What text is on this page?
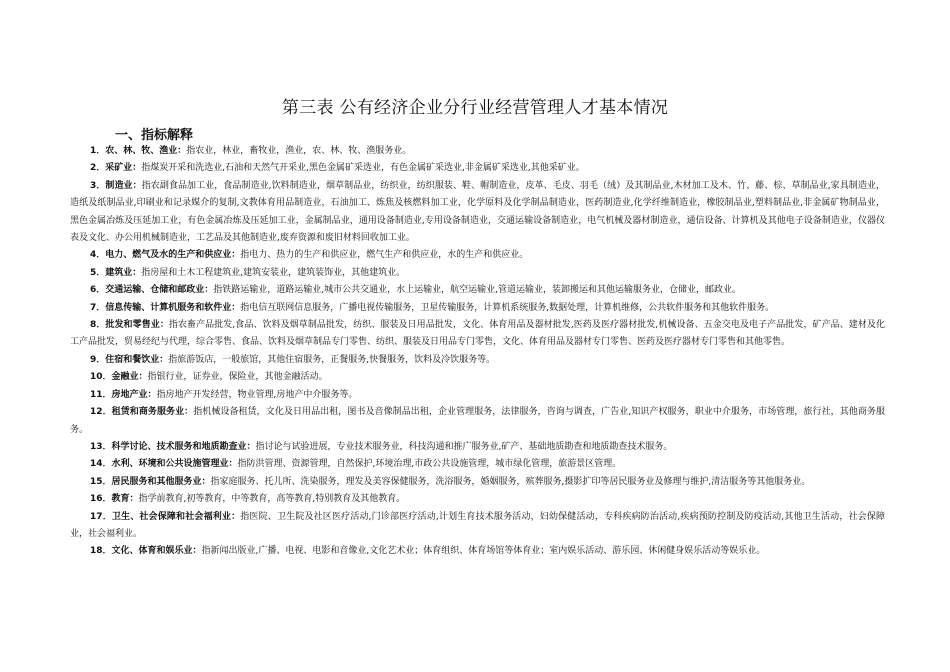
第三表 公有经济企业分行业经营管理人才基本情况
一、指标解释

1．农、林、牧、渔业：指农业，林业，畜牧业，渔业，农、林、牧、渔服务业。

2．采矿业：指煤炭开采和洗选业,石油和天然气开采业,黑色金属矿采选业，有色金属矿采选业,非金属矿采选业,其他采矿业。

3．制造业：指农副食品加工业，食品制造业,饮料制造业，烟草制品业，纺织业，纺织服装、鞋、帽制造业，皮革、毛皮、羽毛（绒）及其制品业,木材加工及木、竹、藤、棕、草制品业,家具制造业，造纸及纸制品业,印刷业和记录媒介的复制,文教体育用品制造业，石油加工、炼焦及核燃料加工业，化学原料及化学制品制造业，医药制造业,化学纤维制造业，橡胶制品业,塑料制品业,非金属矿物制品业，黑色金属冶炼及压延加工业，有色金属冶炼及压延加工业，金属制品业，通用设备制造业,专用设备制造业，交通运输设备制造业，电气机械及器材制造业，通信设备、计算机及其他电子设备制造业，仪器仪表及文化、办公用机械制造业，工艺品及其他制造业,废弃资源和废旧材料回收加工业。

4．电力、燃气及水的生产和供应业：指电力、热力的生产和供应业，燃气生产和供应业，水的生产和供应业。

5．建筑业：指房屋和土木工程建筑业,建筑安装业，建筑装饰业，其他建筑业。

6．交通运输、仓储和邮政业：指铁路运输业，道路运输业,城市公共交通业，水上运输业，航空运输业,管道运输业，装卸搬运和其他运输服务业，仓储业，邮政业。

7．信息传输、计算机服务和软件业：指电信互联网信息服务，广播电视传输服务，卫星传输服务，计算机系统服务,数据处理，计算机维修，公共软件服务和其他软件服务。

8．批发和零售业：指农畜产品批发,食品、饮料及烟草制品批发，纺织、服装及日用品批发，文化、体育用品及器材批发,医药及医疗器材批发,机械设备、五金交电及电子产品批发，矿产品、建材及化工产品批发，贸易经纪与代理，综合零售、食品、饮料及烟草制品专门零售、纺织、服装及日用品专门零售，文化、体育用品及器材专门零售、医药及医疗器材专门零售和其他零售。

9．住宿和餐饮业：指旅游饭店，一般旅馆，其他住宿服务，正餐服务,快餐服务，饮料及冷饮服务等。

10．金融业：指银行业，证券业，保险业，其他金融活动。

11．房地产业：指房地产开发经营，物业管理,房地产中介服务等。

12．租赁和商务服务业：指机械设备租赁，文化及日用品出租，图书及音像制品出租，企业管理服务，法律服务，咨询与调查，广告业,知识产权服务，职业中介服务，市场管理，旅行社，其他商务服务。

13．科学讨论、技术服务和地质勘查业：指讨论与试验进展，专业技术服务业，科技沟通和推广服务业,矿产、基础地质勘查和地质勘查技术服务。

14．水利、环境和公共设施管理业：指防洪管理、资源管理，自然保护,环境治理,市政公共设施管理，城市绿化管理，旅游景区管理。

15．居民服务和其他服务业：指家庭服务、托儿所、洗染服务，理发及美容保健服务，洗浴服务，婚姻服务，殡葬服务,摄影扩印等居民服务业及修理与维护,清洁服务等其他服务业。

16．教育：指学前教育,初等教育，中等教育，高等教育,特别教育及其他教育。

17．卫生、社会保障和社会福利业：指医院、卫生院及社区医疗活动,门诊部医疗活动,计划生育技术服务活动，妇幼保健活动，专科疾病防治活动,疾病预防控制及防疫活动,其他卫生活动，社会保障业，社会福利业。

18．文化、体育和娱乐业：指新闻出版业,广播、电视、电影和音像业,文化艺术业；体育组织、体育场馆等体育业；室内娱乐活动、游乐园、休闲健身娱乐活动等娱乐业。
